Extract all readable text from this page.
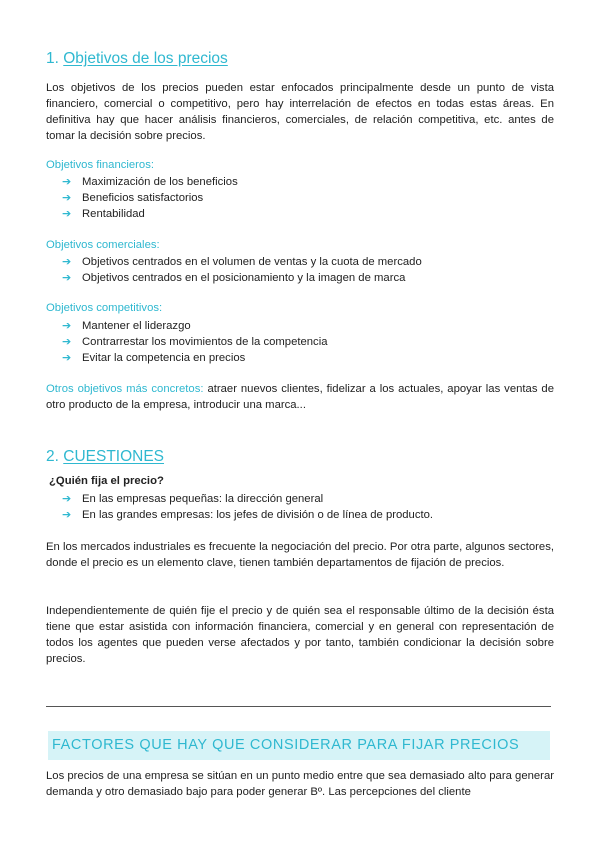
1. Objetivos de los precios

Los objetivos de los precios pueden estar enfocados principalmente desde un punto de vista financiero, comercial o competitivo, pero hay interrelación de efectos en todas estas áreas. En definitiva hay que hacer análisis financieros, comerciales, de relación competitiva, etc. antes de tomar la decisión sobre precios.

Objetivos financieros:

➔ Maximización de los beneficios
➔ Beneficios satisfactorios
➔ Rentabilidad

Objetivos comerciales:

➔ Objetivos centrados en el volumen de ventas y la cuota de mercado
➔ Objetivos centrados en el posicionamiento y la imagen de marca

Objetivos competitivos:

➔ Mantener el liderazgo
➔ Contrarrestar los movimientos de la competencia
➔ Evitar la competencia en precios

Otros objetivos más concretos: atraer nuevos clientes, fidelizar a los actuales, apoyar las ventas de otro producto de la empresa, introducir una marca...

2. CUESTIONES

¿Quién fija el precio?

➔ En las empresas pequeñas: la dirección general
➔ En las grandes empresas: los jefes de división o de línea de producto.

En los mercados industriales es frecuente la negociación del precio. Por otra parte, algunos sectores, donde el precio es un elemento clave, tienen también departamentos de fijación de precios.

Independientemente de quién fije el precio y de quién sea el responsable último de la decisión ésta tiene que estar asistida con información financiera, comercial y en general con representación de todos los agentes que pueden verse afectados y por tanto, también condicionar la decisión sobre precios.

FACTORES QUE HAY QUE CONSIDERAR PARA FIJAR PRECIOS

Los precios de una empresa se sitúan en un punto medio entre que sea demasiado alto para generar demanda y otro demasiado bajo para poder generar Bº. Las percepciones del cliente
